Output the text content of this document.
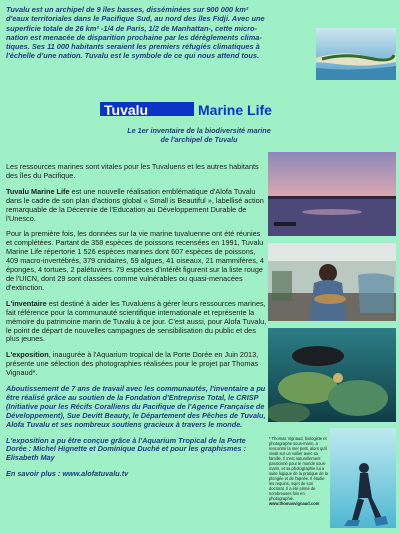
Tuvalu est un archipel de 9 îles basses, disséminées sur 900 000 km²

d'eaux territoriales dans le Pacifique Sud, au nord des îles Fidji. Avec une

superficie totale de 26 km² -1/4 de Paris, 1/2 de Manhattan-, cette micro-

nation est menacée de disparition prochaine par les dérèglements clima-

tiques. Ses 11 000 habitants seraient les premiers réfugiés climatiques à

l'échelle d'une nation. Tuvalu est le symbole de ce qui nous attend tous.

Tuvalu	Marine Life
Le 1er inventaire de la biodiversité marine
de l'archipel de Tuvalu

Les ressources marines sont vitales pour les Tuvaluens et les autres habitants des îles du Pacifique.

Tuvalu Marine Life est une nouvelle réalisation emblématique d'Alofa Tuvalu dans le cadre de son plan d'actions global « Small is Beautiful », labellisé action remarquable de la Décennie de l'Education au Développement Durable de l'Unesco.

Pour la première fois, les données sur la vie marine tuvaluenne ont été réunies et complétées. Partant de 358 espèces de poissons recensées en 1991, Tuvalu Marine Life répertorie 1 526 espèces marines dont 607 espèces de poissons, 409 macro-invertébrés, 379 cnidaires, 59 algues, 41 oiseaux, 21 mammifères, 4 éponges, 4 tortues, 2 palétuviers. 79 espèces d'intérêt figurent sur la liste rouge de l'UICN, dont 29 sont classées comme vulnérables ou quasi-menacées d'extinction.

L'inventaire est destiné à aider les Tuvaluens à gérer leurs ressources marines, fait référence pour la communauté scientifique internationale et représente la mémoire du patrimoine marin de Tuvalu à ce jour. C'est aussi, pour Alofa Tuvalu, le point de départ de nouvelles campagnes de sensibilisation du public et des plus jeunes.

L'exposition, inaugurée à l'Aquarium tropical de la Porte Dorée en Juin 2013, présente une sélection des photographies réalisées pour le projet par Thomas Vignaud*.

Aboutissement de 7 ans de travail avec les communautés, l'inventaire a pu être réalisé grâce au soutien de la Fondation d'Entreprise Total, le CRISP (Initiative pour les Récifs Coralliens du Pacifique de l'Agence Française de Développement), Sue Devitt Beauty, le Département des Pêches de Tuvalu, Alofa Tuvalu et ses nombreux soutiens gracieux à travers le monde.

L'exposition a pu être conçue grâce à l'Aquarium Tropical de la Porte Dorée : Michel Hignette et Dominique Duché et pour les graphismes : Elisabeth May

En savoir plus : www.alofatuvalu.tv

* Thomas Vignaud, biologiste et photographe sous-marin, a rencontré la mer petit, alors qu'il vivait sur un voilier avec sa famille. Il s'est naturellement passionné pour le monde sous-marin, et sa photographie lui a suite logique de la pratique de la plongée et de l'apnée. Il étudie les requins, sujet de son doctorat. Il a été primé de nombreuses fois en photographie.

www.thomasvignaud.com
